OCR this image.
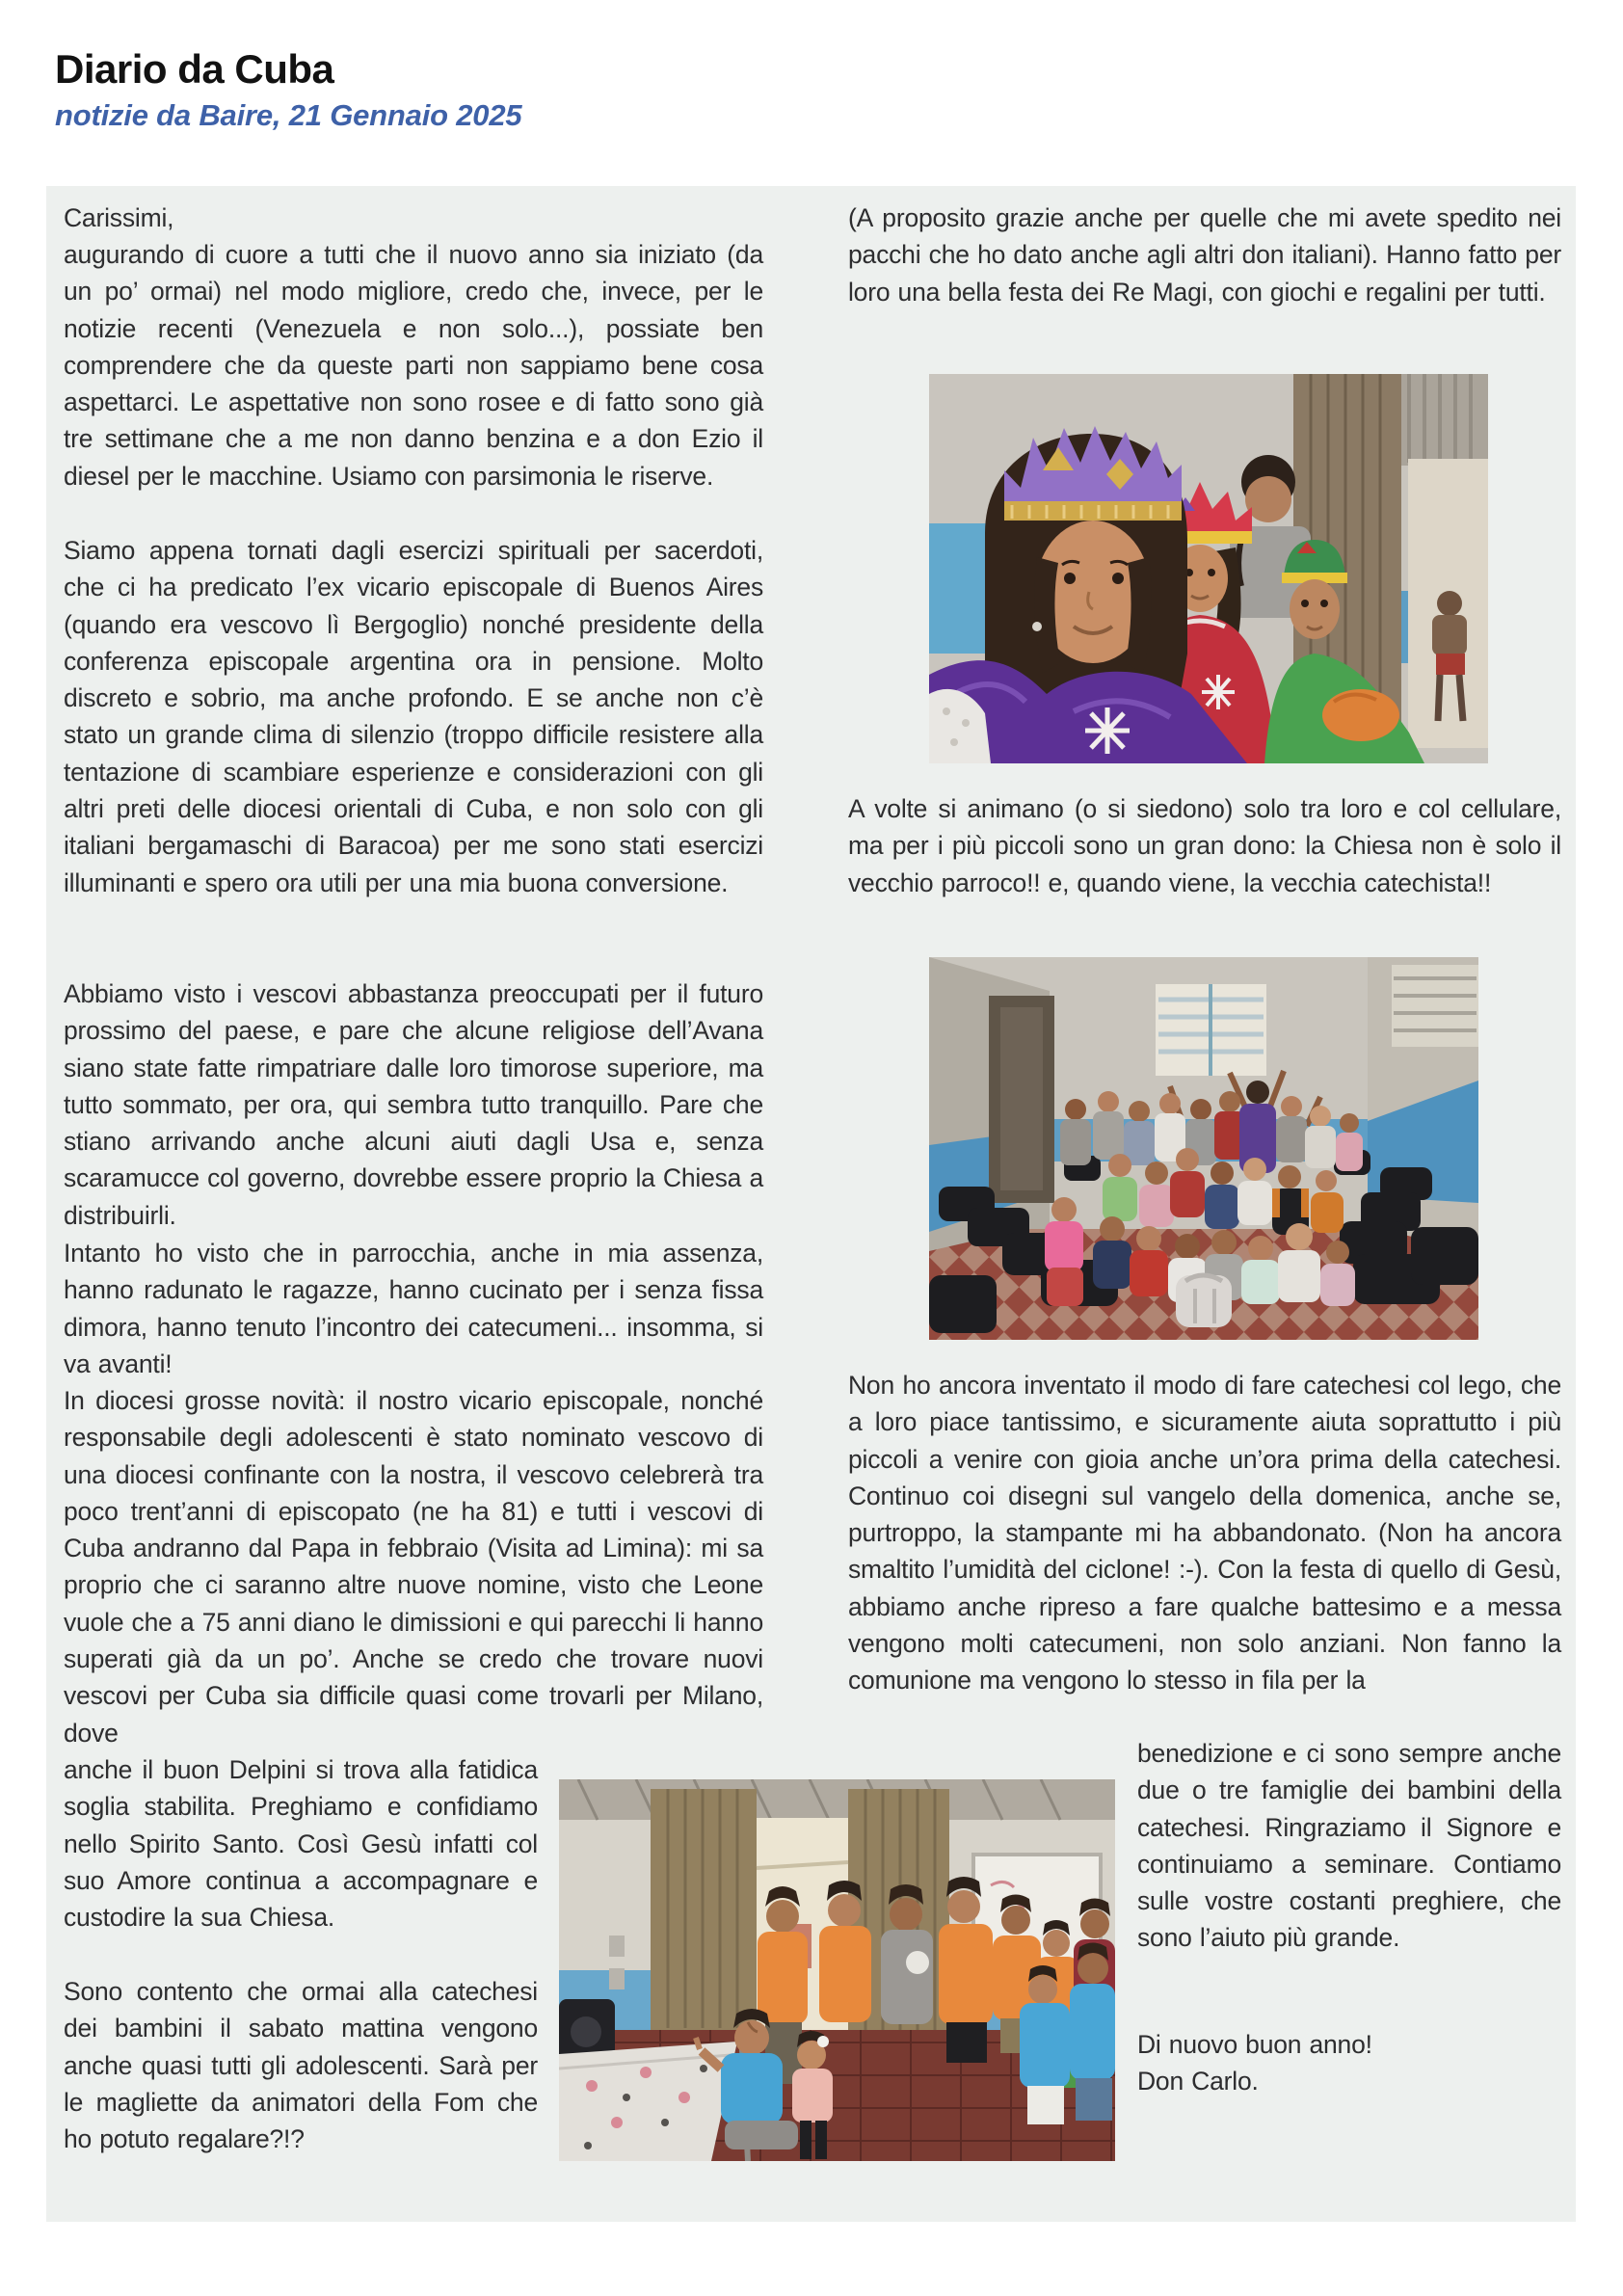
Diario da Cuba
notizie da Baire, 21 Gennaio 2025

Carissimi,

augurando di cuore a tutti che il nuovo anno sia iniziato (da un po’ ormai) nel modo migliore, credo che, invece, per le notizie recenti (Venezuela e non solo...), possiate ben comprendere che da queste parti non sappiamo bene cosa aspettarci. Le aspettative non sono rosee e di fatto sono già tre settimane che a me non danno benzina e a don Ezio il diesel per le macchine. Usiamo con parsimonia le riserve.

Siamo appena tornati dagli esercizi spirituali per sacerdoti, che ci ha predicato l’ex vicario episcopale di Buenos Aires (quando era vescovo lì Bergoglio) nonché presidente della conferenza episcopale argentina ora in pensione. Molto discreto e sobrio, ma anche profondo. E se anche non c’è stato un grande clima di silenzio (troppo difficile resistere alla tentazione di scambiare esperienze e considerazioni con gli altri preti delle diocesi orientali di Cuba, e non solo con gli italiani bergamaschi di Baracoa) per me sono stati esercizi illuminanti e spero ora utili per una mia buona conversione.

Abbiamo visto i vescovi abbastanza preoccupati per il futuro prossimo del paese, e pare che alcune religiose dell’Avana siano state fatte rimpatriare dalle loro timorose superiore, ma tutto sommato, per ora, qui sembra tutto tranquillo. Pare che stiano arrivando anche alcuni aiuti dagli Usa e, senza scaramucce col governo, dovrebbe essere proprio la Chiesa a distribuirli.

Intanto ho visto che in parrocchia, anche in mia assenza, hanno radunato le ragazze, hanno cucinato per i senza fissa dimora, hanno tenuto l’incontro dei catecumeni... insomma, si va avanti!

In diocesi grosse novità: il nostro vicario episcopale, nonché responsabile degli adolescenti è stato nominato vescovo di una diocesi confinante con la nostra, il vescovo celebrerà tra poco trent’anni di episcopato (ne ha 81) e tutti i vescovi di Cuba andranno dal Papa in febbraio (Visita ad Limina): mi sa proprio che ci saranno altre nuove nomine, visto che Leone vuole che a 75 anni diano le dimissioni e qui parecchi li hanno superati già da un po’. Anche se credo che trovare nuovi vescovi per Cuba sia difficile quasi come trovarli per Milano, dove

anche il buon Delpini si trova alla fatidica soglia stabilita. Preghiamo e confidiamo nello Spirito Santo. Così Gesù infatti col suo Amore continua a accompagnare e custodire la sua Chiesa.

Sono contento che ormai alla catechesi dei bambini il sabato mattina vengono anche quasi tutti gli adolescenti. Sarà per le magliette da animatori della Fom che ho potuto regalare?!?

(A proposito grazie anche per quelle che mi avete spedito nei pacchi che ho dato anche agli altri don italiani). Hanno fatto per loro una bella festa dei Re Magi, con giochi e regalini per tutti.

A volte si animano (o si siedono) solo tra loro e col cellulare, ma per i più piccoli sono un gran dono: la Chiesa non è solo il vecchio parroco!! e, quando viene, la vecchia catechista!!

Non ho ancora inventato il modo di fare catechesi col lego, che a loro piace tantissimo, e sicuramente aiuta soprattutto i più piccoli a venire con gioia anche un’ora prima della catechesi. Continuo coi disegni sul vangelo della domenica, anche se, purtroppo, la stampante mi ha abbandonato. (Non ha ancora smaltito l’umidità del ciclone! :-). Con la festa di quello di Gesù, abbiamo anche ripreso a fare qualche battesimo e a messa vengono molti catecumeni, non solo anziani. Non fanno la comunione ma vengono lo stesso in fila per la

benedizione e ci sono sempre anche due o tre famiglie dei bambini della catechesi. Ringraziamo il Signore e continuiamo a seminare. Contiamo sulle vostre costanti preghiere, che sono l’aiuto più grande.

Di nuovo buon anno!

Don Carlo.
